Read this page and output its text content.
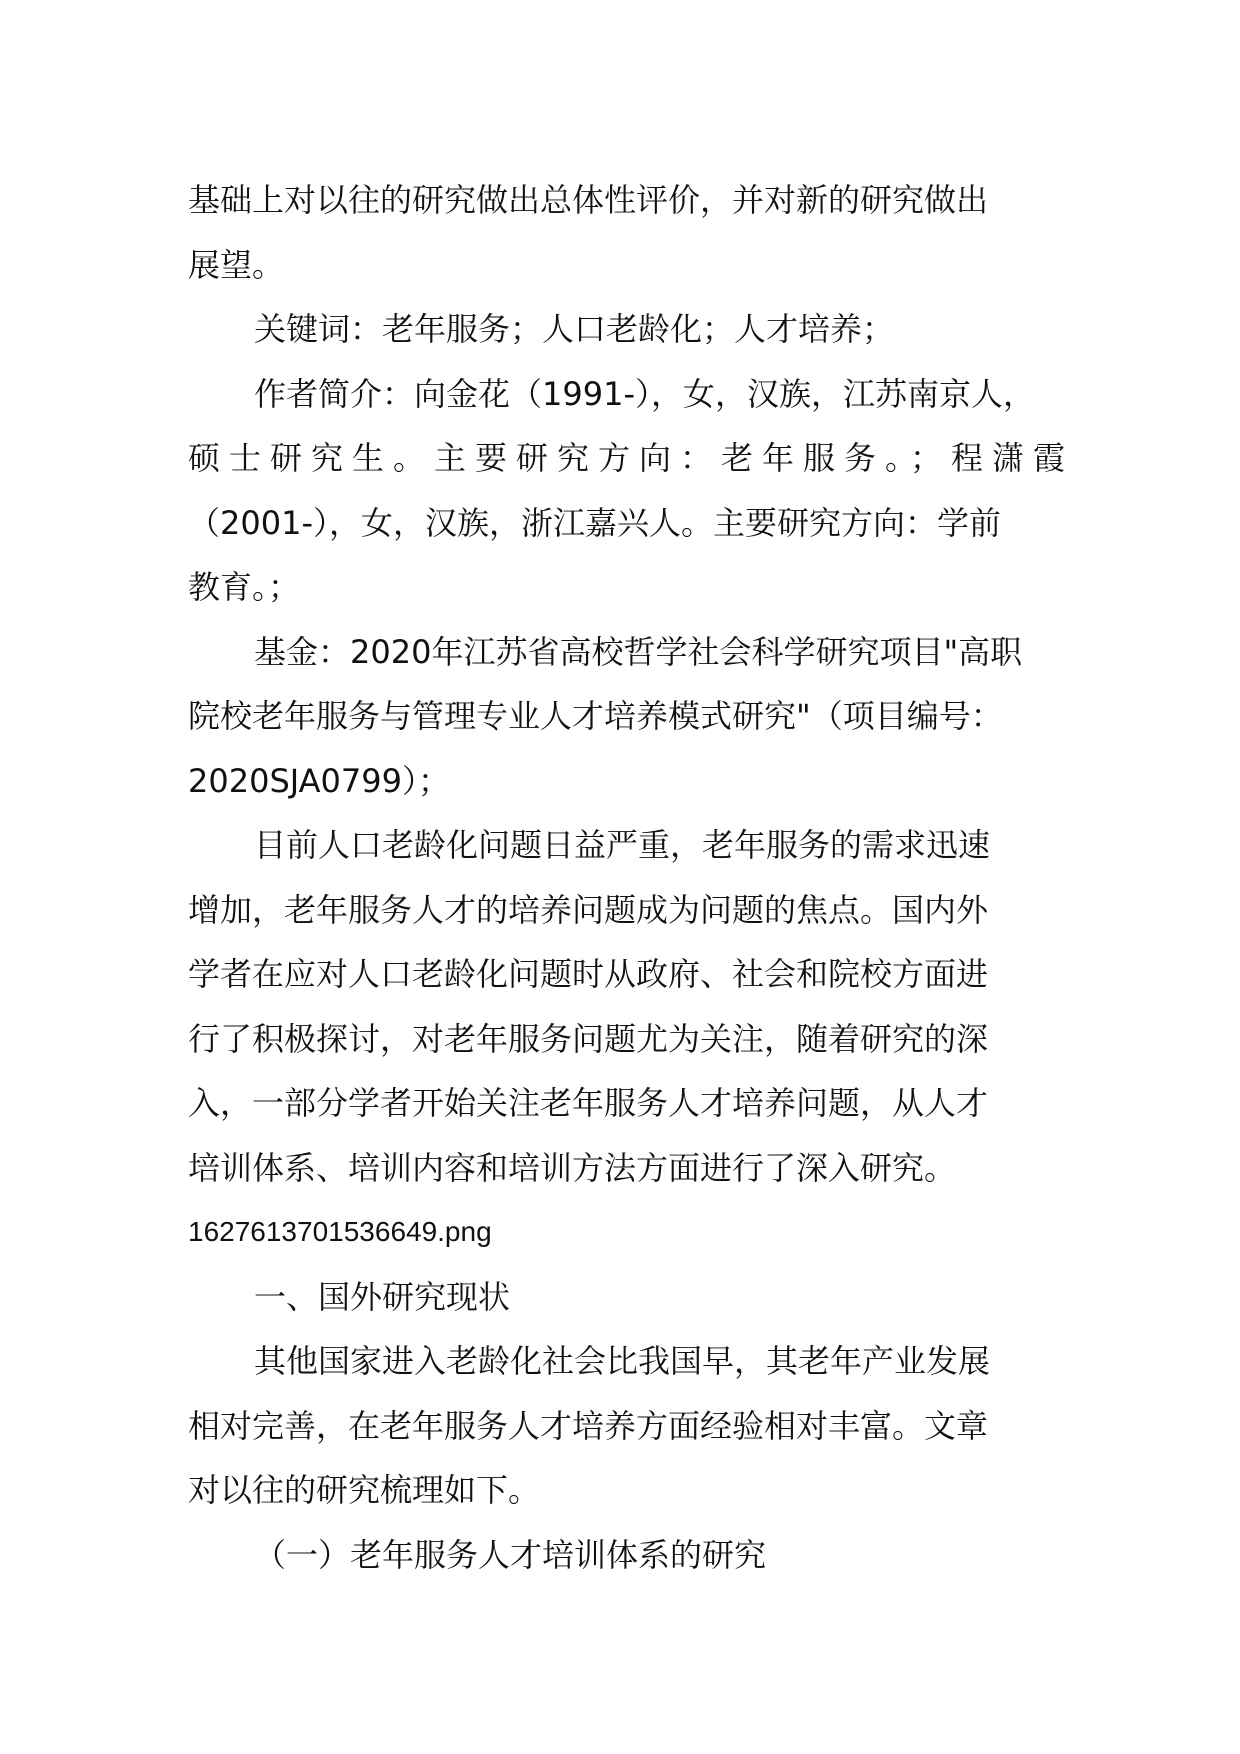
基础上对以往的研究做出总体性评价，并对新的研究做出
展望。
关键词：老年服务；人口老龄化；人才培养；
作者简介：向金花（1991-），女，汉族，江苏南京人，
硕士研究生。主要研究方向：老年服务。；程潇霞
（2001-），女，汉族，浙江嘉兴人。主要研究方向：学前
教育。；
基金：2020年江苏省高校哲学社会科学研究项目"高职
院校老年服务与管理专业人才培养模式研究"（项目编号：
2020SJA0799）；
目前人口老龄化问题日益严重，老年服务的需求迅速
增加，老年服务人才的培养问题成为问题的焦点。国内外
学者在应对人口老龄化问题时从政府、社会和院校方面进
行了积极探讨，对老年服务问题尤为关注，随着研究的深
入，一部分学者开始关注老年服务人才培养问题，从人才
培训体系、培训内容和培训方法方面进行了深入研究。
1627613701536649.png
一、国外研究现状
其他国家进入老龄化社会比我国早，其老年产业发展
相对完善，在老年服务人才培养方面经验相对丰富。文章
对以往的研究梳理如下。
（一）老年服务人才培训体系的研究
